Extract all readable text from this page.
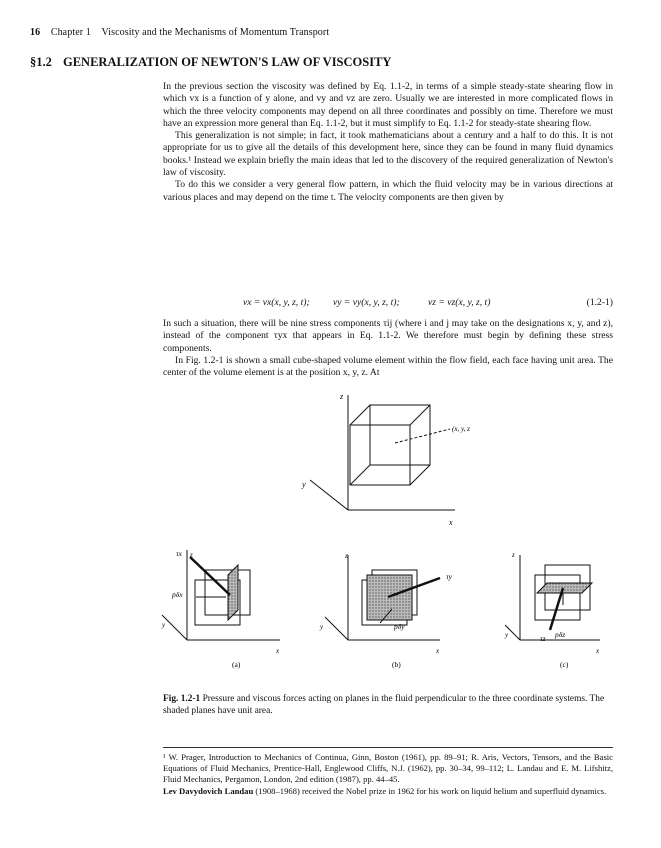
16 Chapter 1 Viscosity and the Mechanisms of Momentum Transport
§1.2 GENERALIZATION OF NEWTON'S LAW OF VISCOSITY

In the previous section the viscosity was defined by Eq. 1.1-2, in terms of a simple steady-state shearing flow in which vx is a function of y alone, and vy and vz are zero. Usually we are interested in more complicated flows in which the three velocity components may depend on all three coordinates and possibly on time. Therefore we must have an expression more general than Eq. 1.1-2, but it must simplify to Eq. 1.1-2 for steady-state shearing flow.

This generalization is not simple; in fact, it took mathematicians about a century and a half to do this. It is not appropriate for us to give all the details of this development here, since they can be found in many fluid dynamics books.¹ Instead we explain briefly the main ideas that led to the discovery of the required generalization of Newton's law of viscosity.

To do this we consider a very general flow pattern, in which the fluid velocity may be in various directions at various places and may depend on the time t. The velocity components are then given by

vx = vx(x, y, z, t); vy = vy(x, y, z, t);	vz = vz(x, y, z, t)	(1.2-1)

In such a situation, there will be nine stress components τij (where i and j may take on the designations x, y, and z), instead of the component τyx that appears in Eq. 1.1-2. We therefore must begin by defining these stress components.

In Fig. 1.2-1 is shown a small cube-shaped volume element within the flow field, each face having unit area. The center of the volume element is at the position x, y, z. At

z
x
y
(x, y, z
τx z
pδx
y
x
(a)
z
τy
pδy
y
x
(b)
z
τz pδz
y
x
(c)
Fig. 1.2-1 Pressure and viscous forces acting on planes in the fluid perpendicular to the three coordinate systems. The shaded planes have unit area.
¹ W. Prager, Introduction to Mechanics of Continua, Ginn, Boston (1961), pp. 89–91; R. Aris, Vectors, Tensors, and the Basic Equations of Fluid Mechanics, Prentice-Hall, Englewood Cliffs, N.J. (1962), pp. 30–34, 99–112; L. Landau and E. M. Lifshitz, Fluid Mechanics, Pergamon, London, 2nd edition (1987), pp. 44–45.
Lev Davydovich Landau (1908–1968) received the Nobel prize in 1962 for his work on liquid helium and superfluid dynamics.
